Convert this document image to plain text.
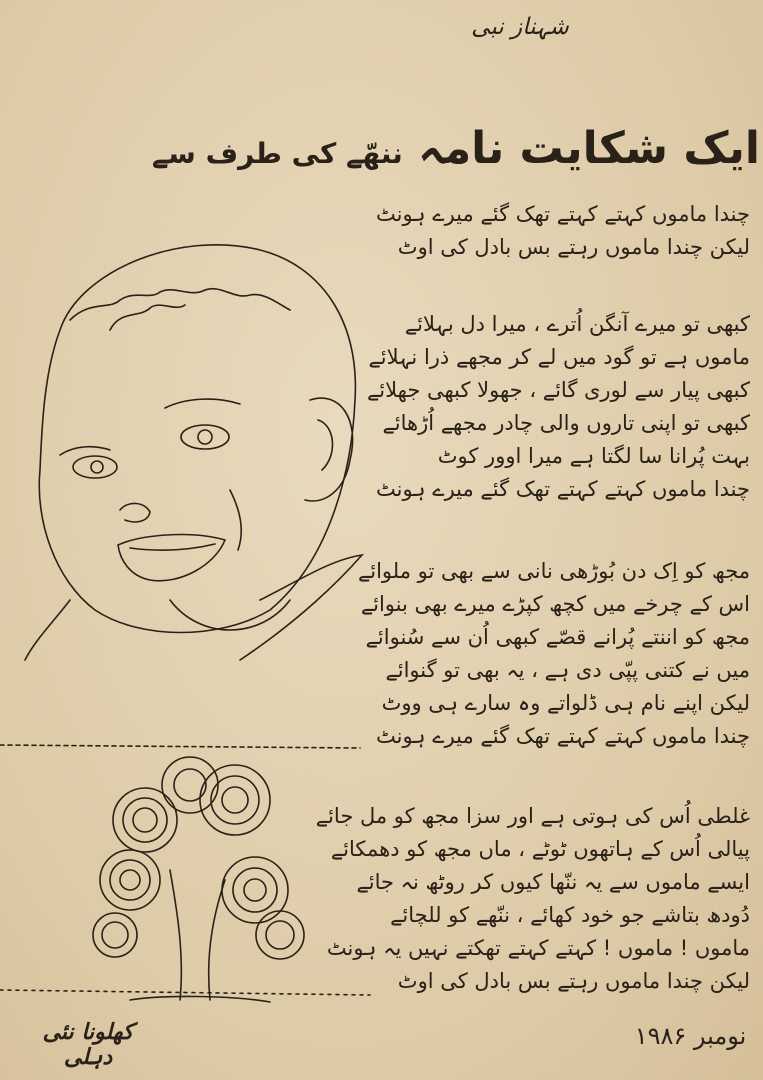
شہناز نبی
ایک شکایت نامہ ننھّے کی طرف سے
چندا ماموں کہتے کہتے تھک گئے میرے ہونٹ
لیکن چندا ماموں رہتے بس بادل کی اوٹ
کبھی تو میرے آنگن اُترے ، میرا دل بہلائے
ماموں ہے تو گود میں لے کر مجھے ذرا نہلائے
کبھی پیار سے لوری گائے ، جھولا کبھی جھلائے
کبھی تو اپنی تاروں والی چادر مجھے اُڑھائے
بہت پُرانا سا لگتا ہے میرا اوور کوٹ
چندا ماموں کہتے کہتے تھک گئے میرے ہونٹ
مجھ کو اِک دن بُوڑھی نانی سے بھی تو ملوائے
اس کے چرخے میں کچھ کپڑے میرے بھی بنوائے
مجھ کو اننتے پُرانے قصّے کبھی اُن سے سُنوائے
میں نے کتنی پپّی دی ہے ، یہ بھی تو گنوائے
لیکن اپنے نام ہی ڈلواتے وہ سارے ہی ووٹ
چندا ماموں کہتے کہتے تھک گئے میرے ہونٹ
غلطی اُس کی ہوتی ہے اور سزا مجھ کو مل جائے
پیالی اُس کے ہاتھوں ٹوٹے ، ماں مجھ کو دھمکائے
ایسے ماموں سے یہ ننّھا کیوں کر روٹھ نہ جائے
دُودھ بتاشے جو خود کھائے ، ننّھے کو للچائے
ماموں ! ماموں ! کہتے کہتے تھکتے نہیں یہ ہونٹ
لیکن چندا ماموں رہتے بس بادل کی اوٹ
کھلونا نئی دہلی
نومبر ۱۹۸۶
